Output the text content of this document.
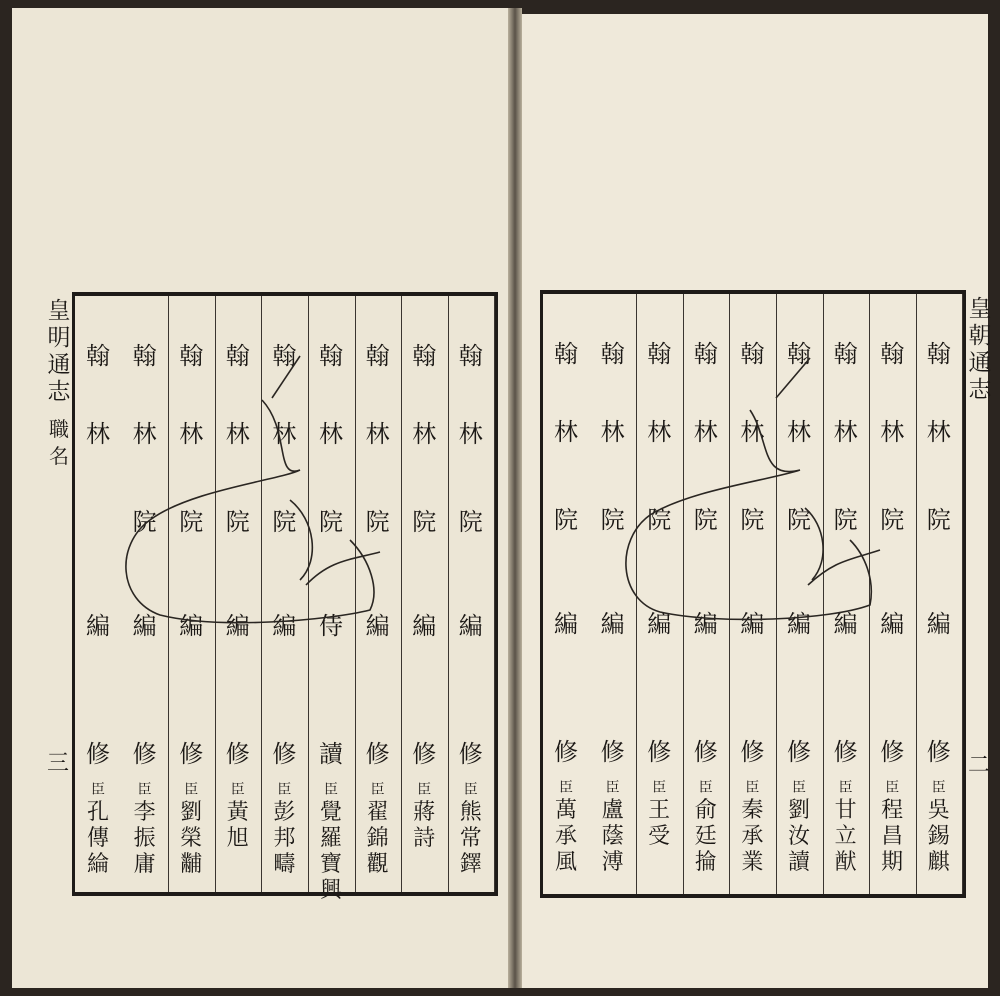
皇
明
通
志
職
名
三
翰
林
院
編
修
臣
熊
常
鐸
翰
林
院
編
修
臣
蔣
詩
翰
林
院
編
修
臣
翟
錦
觀
翰
林
院
侍
讀
臣
覺
羅
寶
興
翰
林
院
編
修
臣
彭
邦
疇
翰
林
院
編
修
臣
黃
旭
翰
林
院
編
修
臣
劉
榮
黼
翰
林
院
編
修
臣
李
振
庸
翰
林
編
修
臣
孔
傳
綸
皇
朝
通
志
二
翰
林
院
編
修
臣
吳
錫
麒
翰
林
院
編
修
臣
程
昌
期
翰
林
院
編
修
臣
甘
立
猷
翰
林
院
編
修
臣
劉
汝
讀
翰
林
院
編
修
臣
秦
承
業
翰
林
院
編
修
臣
俞
廷
掄
翰
林
院
編
修
臣
王
受
翰
林
院
編
修
臣
盧
蔭
溥
翰
林
院
編
修
臣
萬
承
風
